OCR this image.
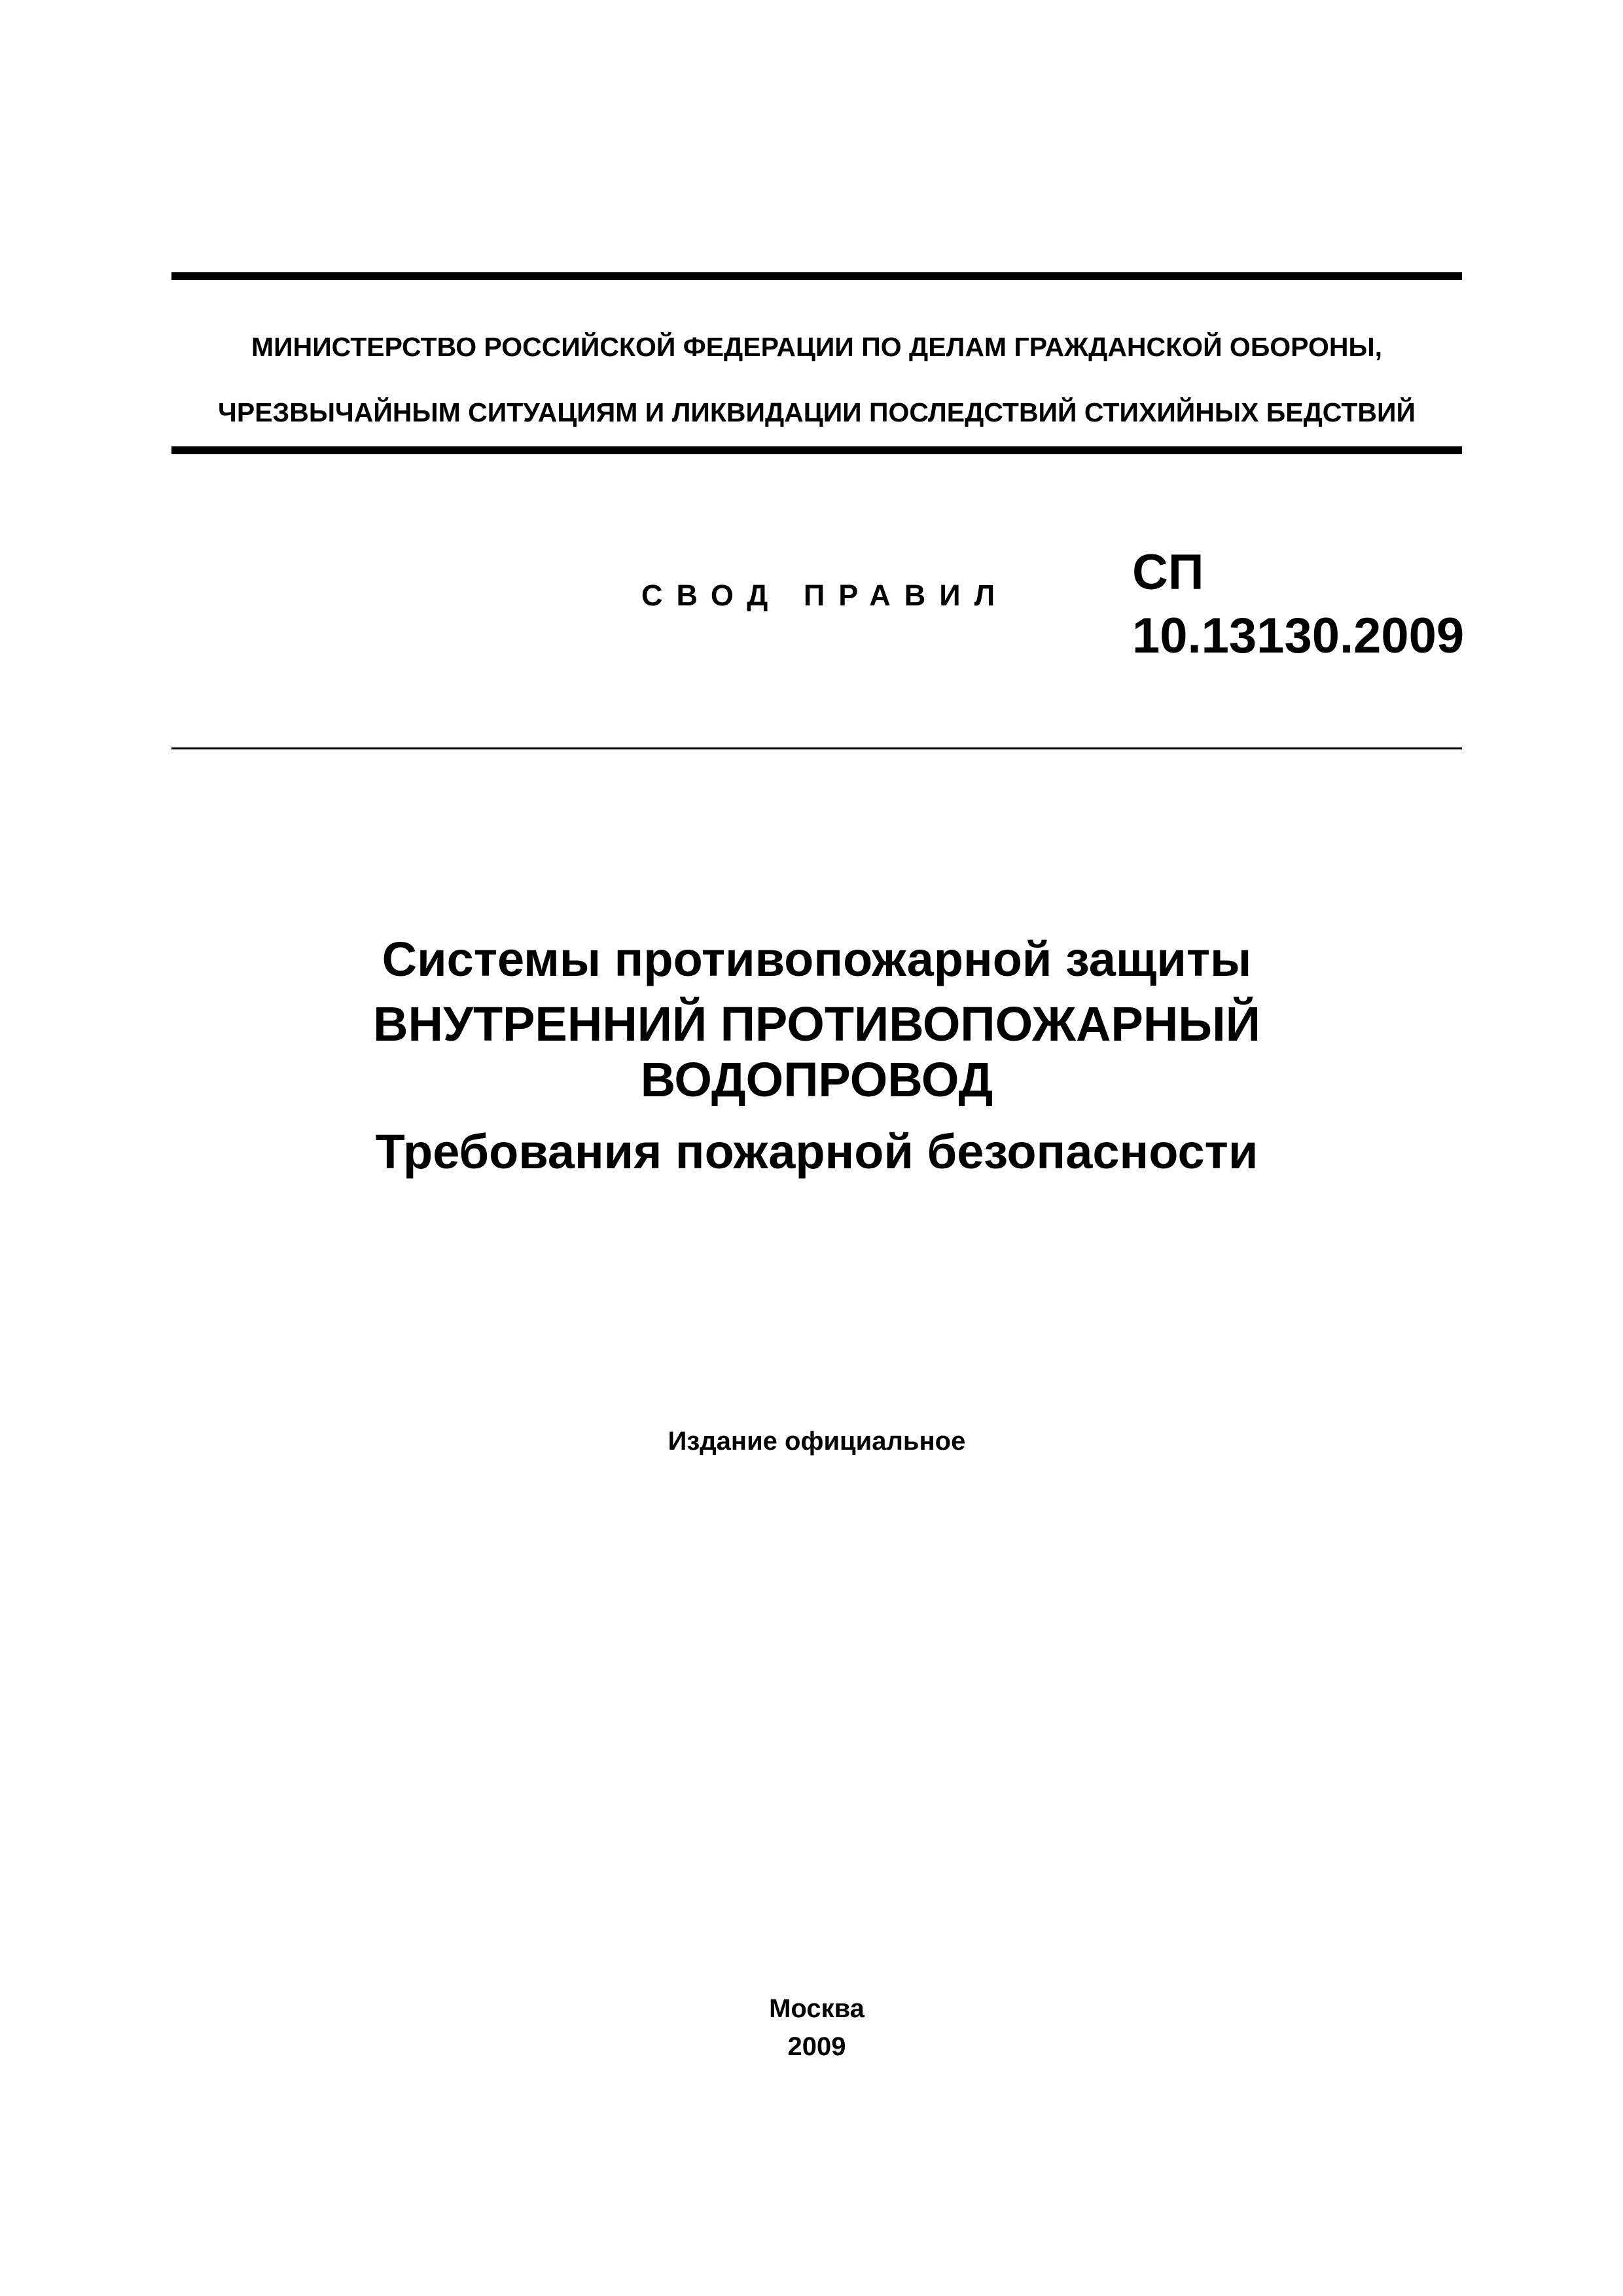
МИНИСТЕРСТВО РОССИЙСКОЙ ФЕДЕРАЦИИ ПО ДЕЛАМ ГРАЖДАНСКОЙ ОБОРОНЫ,
ЧРЕЗВЫЧАЙНЫМ СИТУАЦИЯМ И ЛИКВИДАЦИИ ПОСЛЕДСТВИЙ СТИХИЙНЫХ БЕДСТВИЙ
СВОД ПРАВИЛ СП
10.13130.2009
Системы противопожарной защиты
ВНУТРЕННИЙ ПРОТИВОПОЖАРНЫЙ
ВОДОПРОВОД
Требования пожарной безопасности
Издание официальное
Москва
2009
